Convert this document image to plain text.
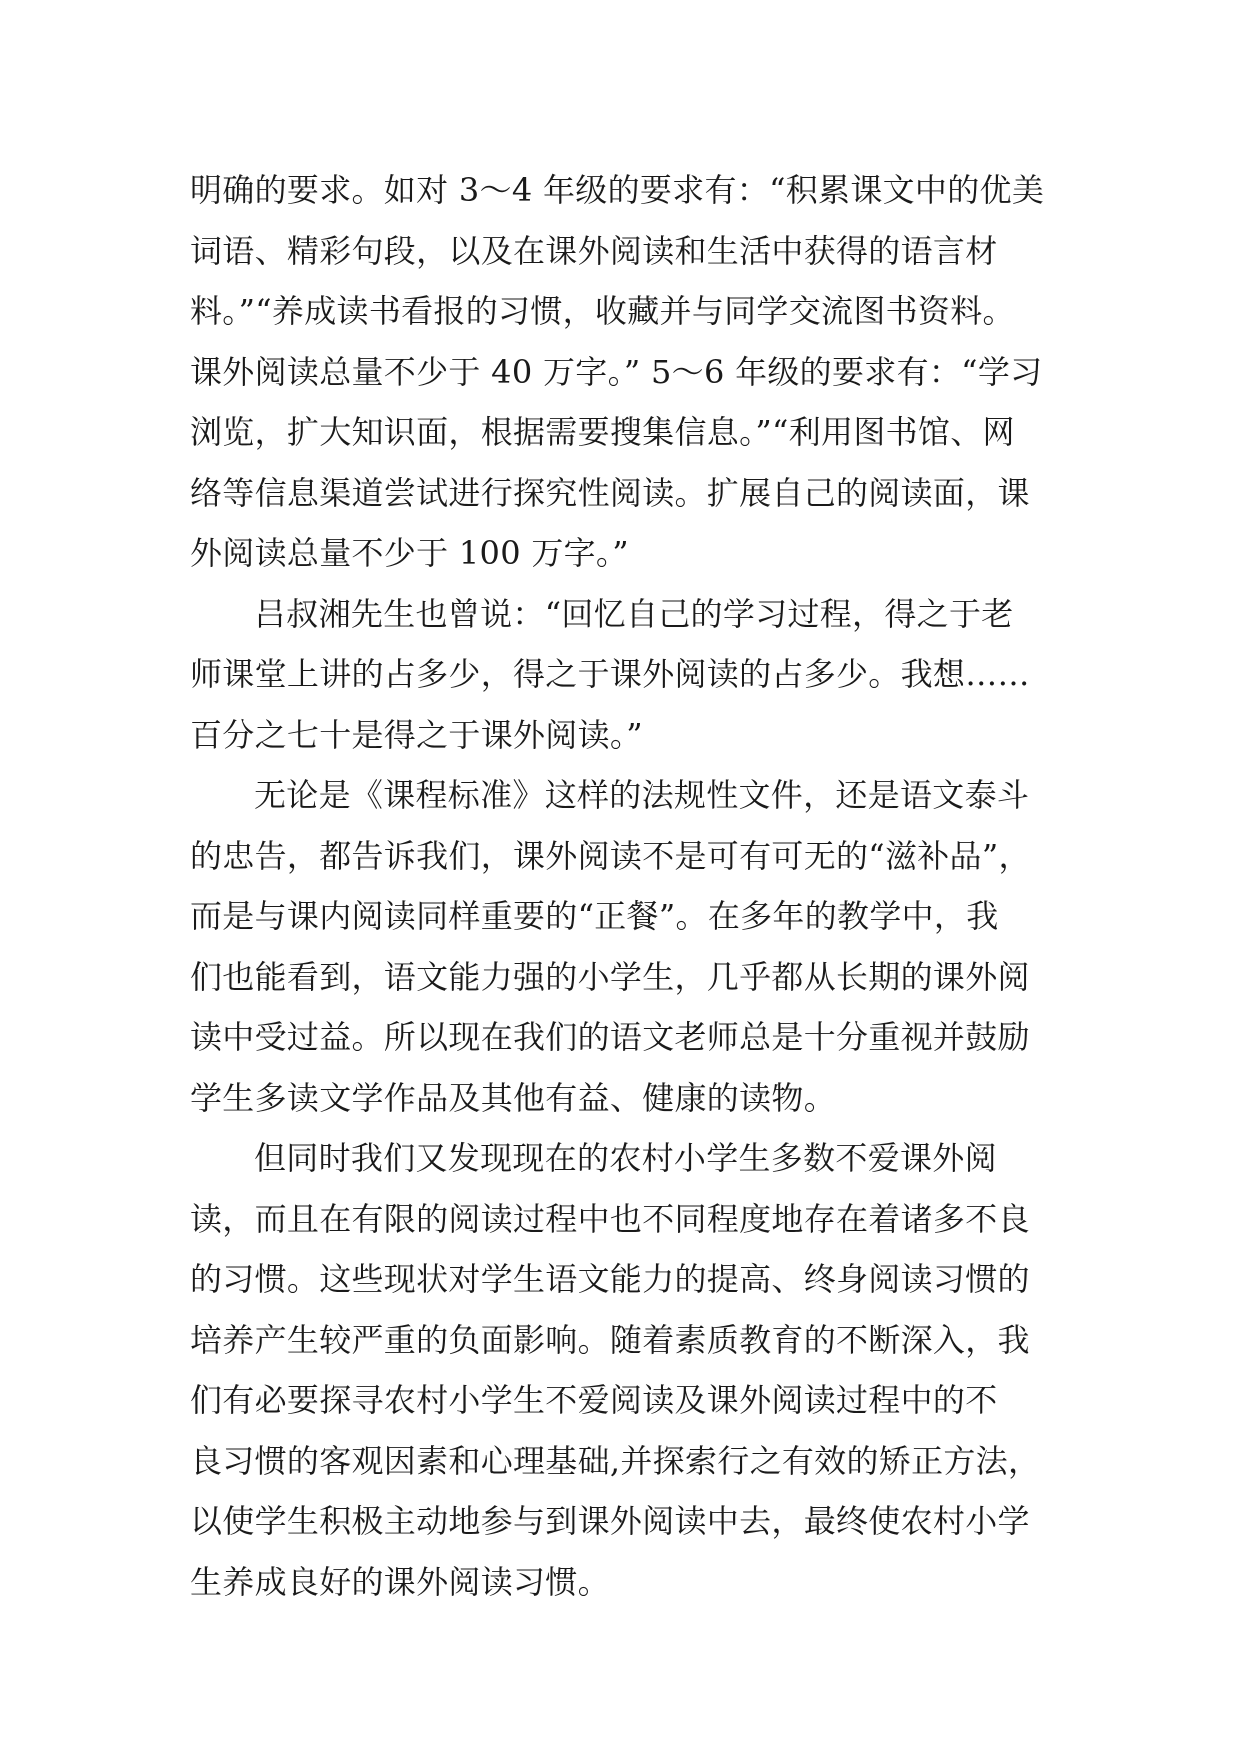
明确的要求。如对 3～4 年级的要求有：“积累课文中的优美
词语、精彩句段，以及在课外阅读和生活中获得的语言材
料。”“养成读书看报的习惯，收藏并与同学交流图书资料。
课外阅读总量不少于 40 万字。” 5～6 年级的要求有：“学习
浏览，扩大知识面，根据需要搜集信息。”“利用图书馆、网
络等信息渠道尝试进行探究性阅读。扩展自己的阅读面，课
外阅读总量不少于 100 万字。”
吕叔湘先生也曾说：“回忆自己的学习过程，得之于老
师课堂上讲的占多少，得之于课外阅读的占多少。我想……
百分之七十是得之于课外阅读。”
无论是《课程标准》这样的法规性文件，还是语文泰斗
的忠告，都告诉我们，课外阅读不是可有可无的“滋补品”，
而是与课内阅读同样重要的“正餐”。在多年的教学中，我
们也能看到，语文能力强的小学生，几乎都从长期的课外阅
读中受过益。所以现在我们的语文老师总是十分重视并鼓励
学生多读文学作品及其他有益、健康的读物。
但同时我们又发现现在的农村小学生多数不爱课外阅
读，而且在有限的阅读过程中也不同程度地存在着诸多不良
的习惯。这些现状对学生语文能力的提高、终身阅读习惯的
培养产生较严重的负面影响。随着素质教育的不断深入，我
们有必要探寻农村小学生不爱阅读及课外阅读过程中的不
良习惯的客观因素和心理基础,并探索行之有效的矫正方法，
以使学生积极主动地参与到课外阅读中去，最终使农村小学
生养成良好的课外阅读习惯。
